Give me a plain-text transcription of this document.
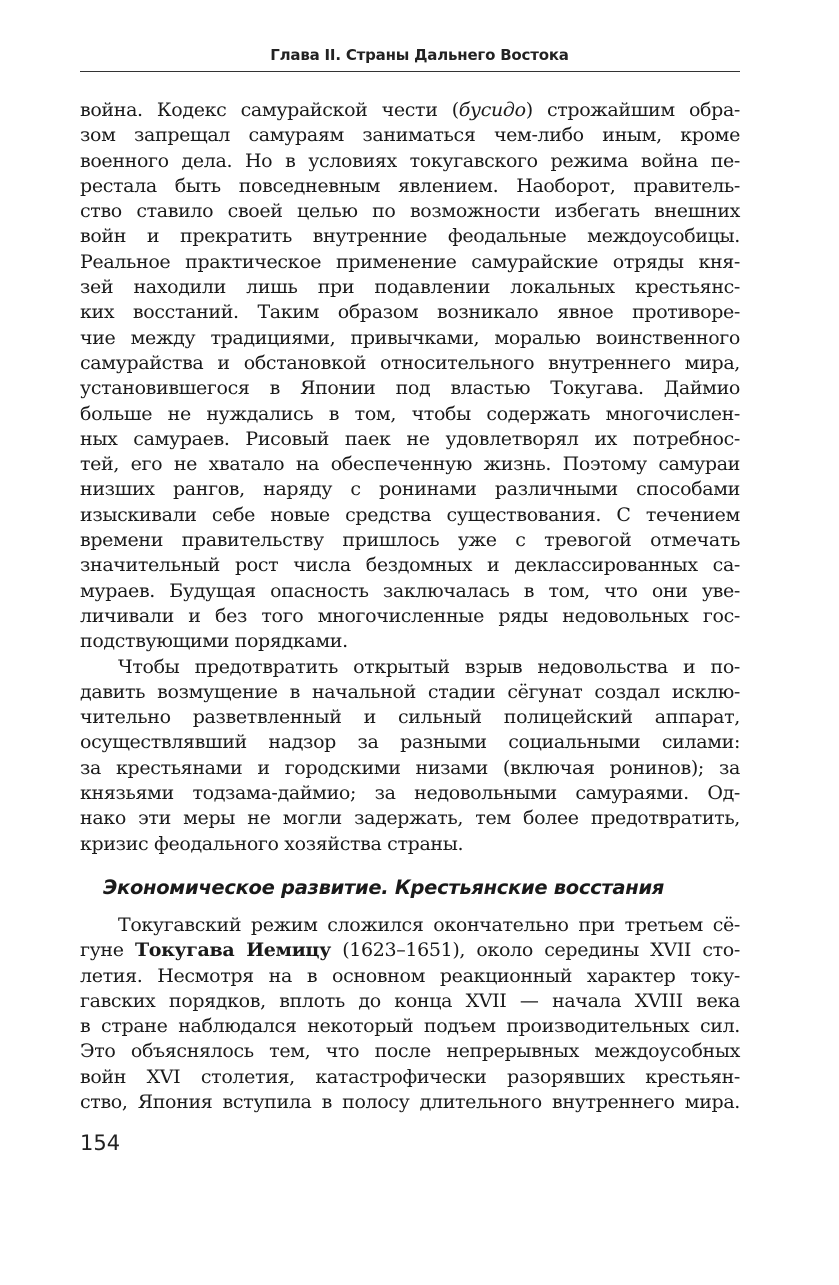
Глава II. Страны Дальнего Востока
война. Кодекс самурайской чести (бусидо) строжайшим обра-
зом запрещал самураям заниматься чем-либо иным, кроме
военного дела. Но в условиях токугавского режима война пе-
рестала быть повседневным явлением. Наоборот, правитель-
ство ставило своей целью по возможности избегать внешних
войн и прекратить внутренние феодальные междоусобицы.
Реальное практическое применение самурайские отряды кня-
зей находили лишь при подавлении локальных крестьянс-
ких восстаний. Таким образом возникало явное противоре-
чие между традициями, привычками, моралью воинственного
самурайства и обстановкой относительного внутреннего мира,
установившегося в Японии под властью Токугава. Даймио
больше не нуждались в том, чтобы содержать многочислен-
ных самураев. Рисовый паек не удовлетворял их потребнос-
тей, его не хватало на обеспеченную жизнь. Поэтому самураи
низших рангов, наряду с ронинами различными способами
изыскивали себе новые средства существования. С течением
времени правительству пришлось уже с тревогой отмечать
значительный рост числа бездомных и деклассированных са-
мураев. Будущая опасность заключалась в том, что они уве-
личивали и без того многочисленные ряды недовольных гос-
подствующими порядками.
Чтобы предотвратить открытый взрыв недовольства и по-
давить возмущение в начальной стадии сёгунат создал исклю-
чительно разветвленный и сильный полицейский аппарат,
осуществлявший надзор за разными социальными силами:
за крестьянами и городскими низами (включая ронинов); за
князьями тодзама-даймио; за недовольными самураями. Од-
нако эти меры не могли задержать, тем более предотвратить,
кризис феодального хозяйства страны.
Экономическое развитие. Крестьянские восстания
Токугавский режим сложился окончательно при третьем сё-
гуне Токугава Иемицу (1623–1651), около середины XVII сто-
летия. Несмотря на в основном реакционный характер току-
гавских порядков, вплоть до конца XVII — начала XVIII века
в стране наблюдался некоторый подъем производительных сил.
Это объяснялось тем, что после непрерывных междоусобных
войн XVI столетия, катастрофически разорявших крестьян-
ство, Япония вступила в полосу длительного внутреннего мира.
154
